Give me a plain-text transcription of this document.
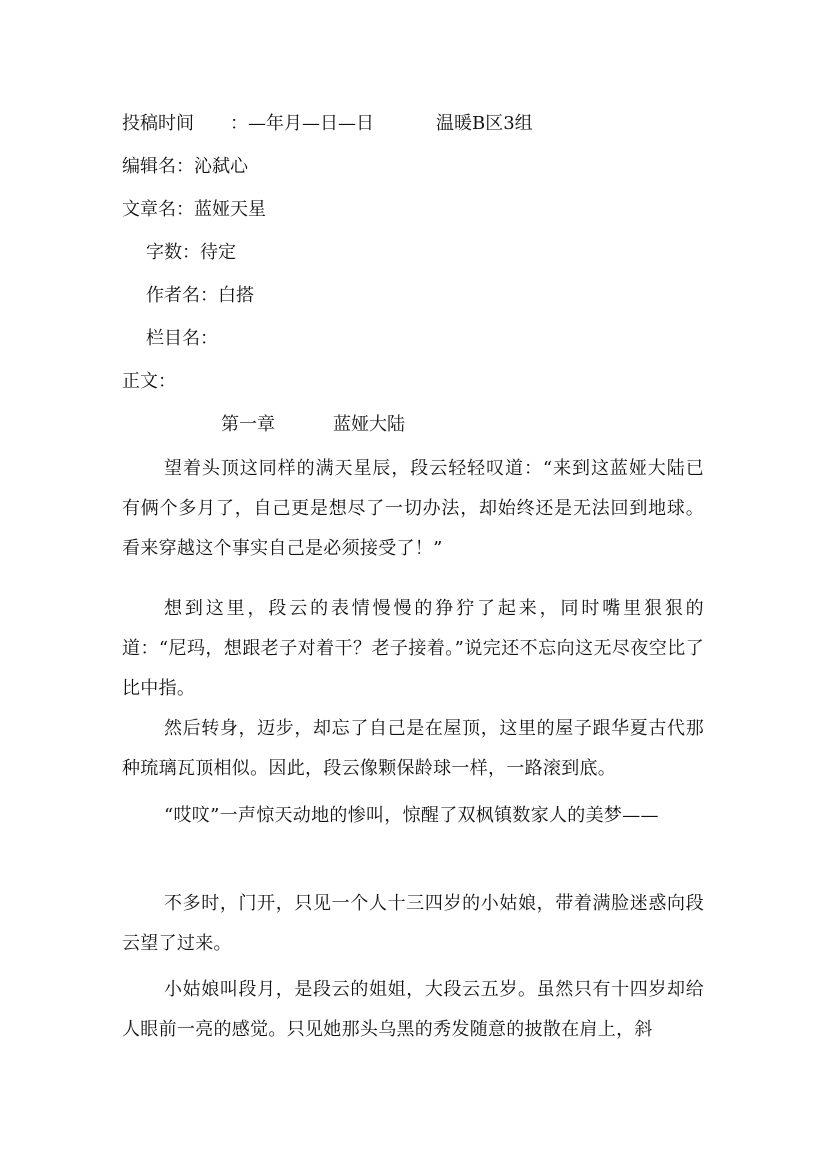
投稿时间 ：—年月—日—日	温暖B区3组
编辑名：沁弑心
文章名：蓝娅天星
字数：待定
作者名：白搭
栏目名：
正文：
第一章	蓝娅大陆
望着头顶这同样的满天星辰，段云轻轻叹道：“来到这蓝娅大陆已有俩个多月了，自己更是想尽了一切办法，却始终还是无法回到地球。看来穿越这个事实自己是必须接受了！”
想到这里，段云的表情慢慢的狰狞了起来，同时嘴里狠狠的道：“尼玛，想跟老子对着干？老子接着。”说完还不忘向这无尽夜空比了比中指。
然后转身，迈步，却忘了自己是在屋顶，这里的屋子跟华夏古代那种琉璃瓦顶相似。因此，段云像颗保龄球一样，一路滚到底。
“哎呅”一声惊天动地的惨叫，惊醒了双枫镇数家人的美梦——
不多时，门开，只见一个人十三四岁的小姑娘，带着满脸迷惑向段云望了过来。
小姑娘叫段月，是段云的姐姐，大段云五岁。虽然只有十四岁却给人眼前一亮的感觉。只见她那头乌黑的秀发随意的披散在肩上，斜
